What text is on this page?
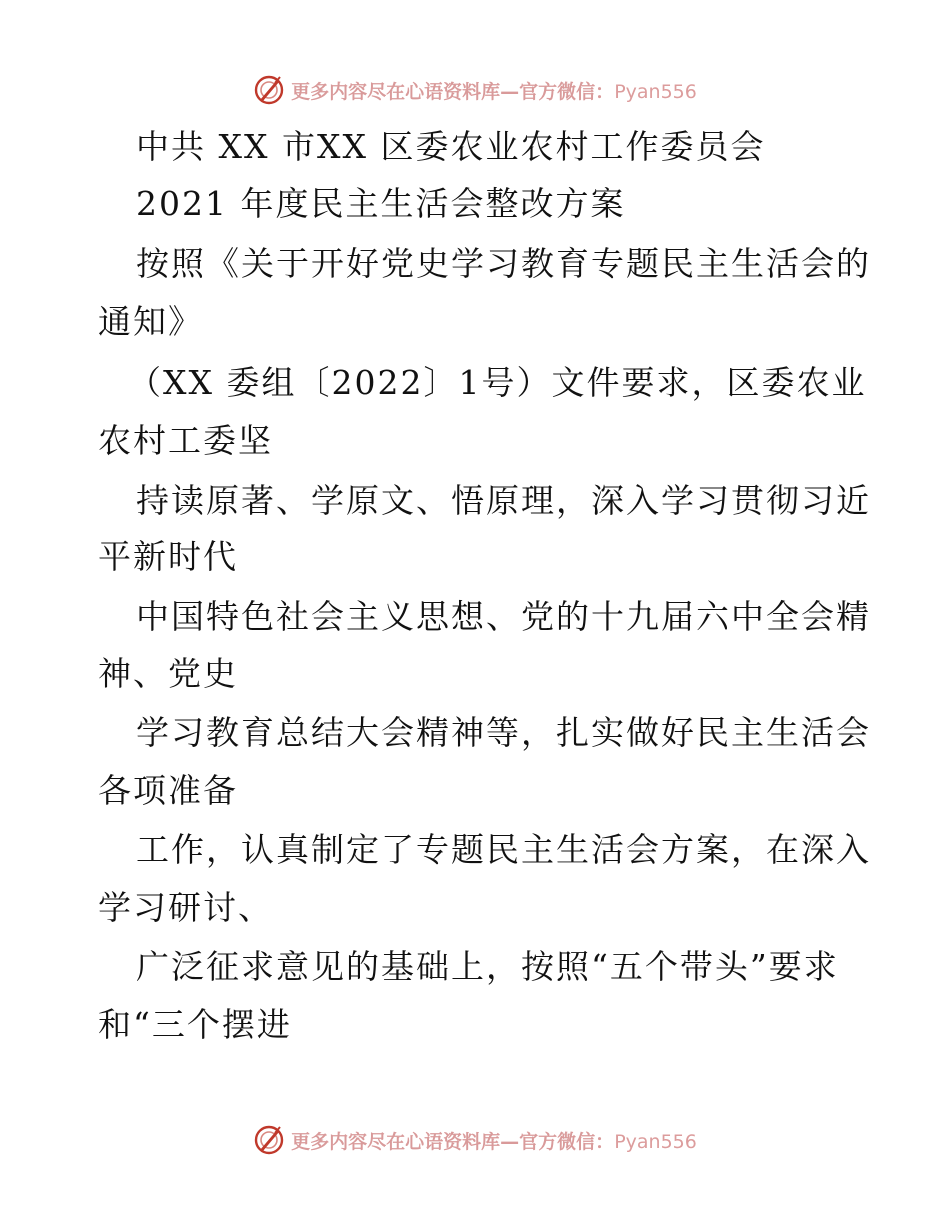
更多内容尽在心语资料库—官方微信：Pyan556
中共 XX 市XX 区委农业农村工作委员会
2021 年度民主生活会整改方案
按照《关于开好党史学习教育专题民主生活会的
通知》
（XX 委组〔2022〕1号）文件要求，区委农业
农村工委坚
持读原著、学原文、悟原理，深入学习贯彻习近
平新时代
中国特色社会主义思想、党的十九届六中全会精
神、党史
学习教育总结大会精神等，扎实做好民主生活会
各项准备
工作，认真制定了专题民主生活会方案，在深入
学习研讨、
广泛征求意见的基础上，按照“五个带头”要求
和“三个摆进
更多内容尽在心语资料库—官方微信：Pyan556
